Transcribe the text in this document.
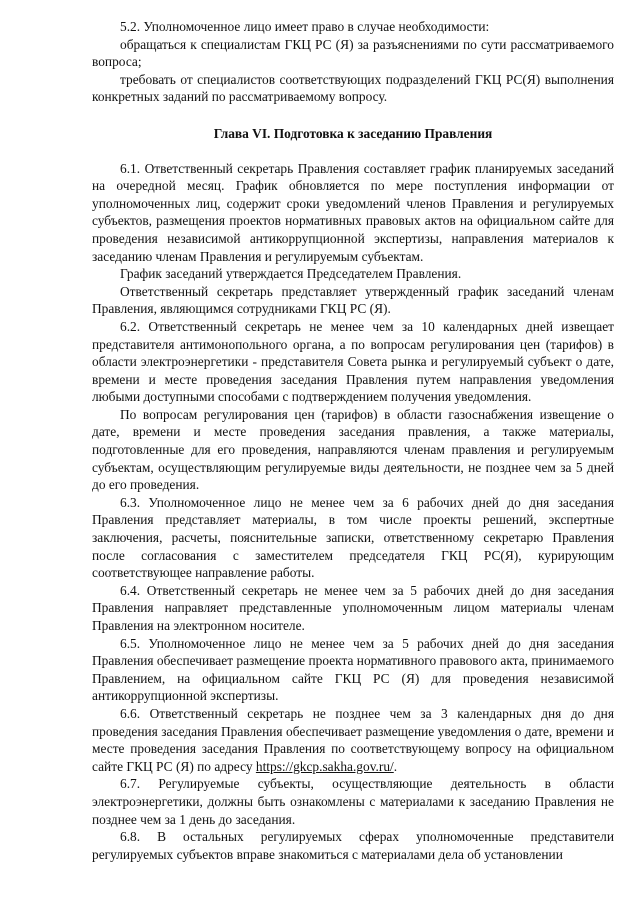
5.2. Уполномоченное лицо имеет право в случае необходимости:

обращаться к специалистам ГКЦ РС (Я) за разъяснениями по сути рассматриваемого вопроса;

требовать от специалистов соответствующих подразделений ГКЦ РС(Я) выполнения конкретных заданий по рассматриваемому вопросу.

Глава VI. Подготовка к заседанию Правления

6.1. Ответственный секретарь Правления составляет график планируемых заседаний на очередной месяц. График обновляется по мере поступления информации от уполномоченных лиц, содержит сроки уведомлений членов Правления и регулируемых субъектов, размещения проектов нормативных правовых актов на официальном сайте для проведения независимой антикоррупционной экспертизы, направления материалов к заседанию членам Правления и регулируемым субъектам.

График заседаний утверждается Председателем Правления.

Ответственный секретарь представляет утвержденный график заседаний членам Правления, являющимся сотрудниками ГКЦ РС (Я).

6.2. Ответственный секретарь не менее чем за 10 календарных дней извещает представителя антимонопольного органа, а по вопросам регулирования цен (тарифов) в области электроэнергетики - представителя Совета рынка и регулируемый субъект о дате, времени и месте проведения заседания Правления путем направления уведомления любыми доступными способами с подтверждением получения уведомления.

По вопросам регулирования цен (тарифов) в области газоснабжения извещение о дате, времени и месте проведения заседания правления, а также материалы, подготовленные для его проведения, направляются членам правления и регулируемым субъектам, осуществляющим регулируемые виды деятельности, не позднее чем за 5 дней до его проведения.

6.3. Уполномоченное лицо не менее чем за 6 рабочих дней до дня заседания Правления представляет материалы, в том числе проекты решений, экспертные заключения, расчеты, пояснительные записки, ответственному секретарю Правления после согласования с заместителем председателя ГКЦ РС(Я), курирующим соответствующее направление работы.

6.4. Ответственный секретарь не менее чем за 5 рабочих дней до дня заседания Правления направляет представленные уполномоченным лицом материалы членам Правления на электронном носителе.

6.5. Уполномоченное лицо не менее чем за 5 рабочих дней до дня заседания Правления обеспечивает размещение проекта нормативного правового акта, принимаемого Правлением, на официальном сайте ГКЦ РС (Я) для проведения независимой антикоррупционной экспертизы.

6.6. Ответственный секретарь не позднее чем за 3 календарных дня до дня проведения заседания Правления обеспечивает размещение уведомления о дате, времени и месте проведения заседания Правления по соответствующему вопросу на официальном сайте ГКЦ РС (Я) по адресу https://gkcp.sakha.gov.ru/.

6.7. Регулируемые субъекты, осуществляющие деятельность в области электроэнергетики, должны быть ознакомлены с материалами к заседанию Правления не позднее чем за 1 день до заседания.

6.8. В остальных регулируемых сферах уполномоченные представители регулируемых субъектов вправе знакомиться с материалами дела об установлении
